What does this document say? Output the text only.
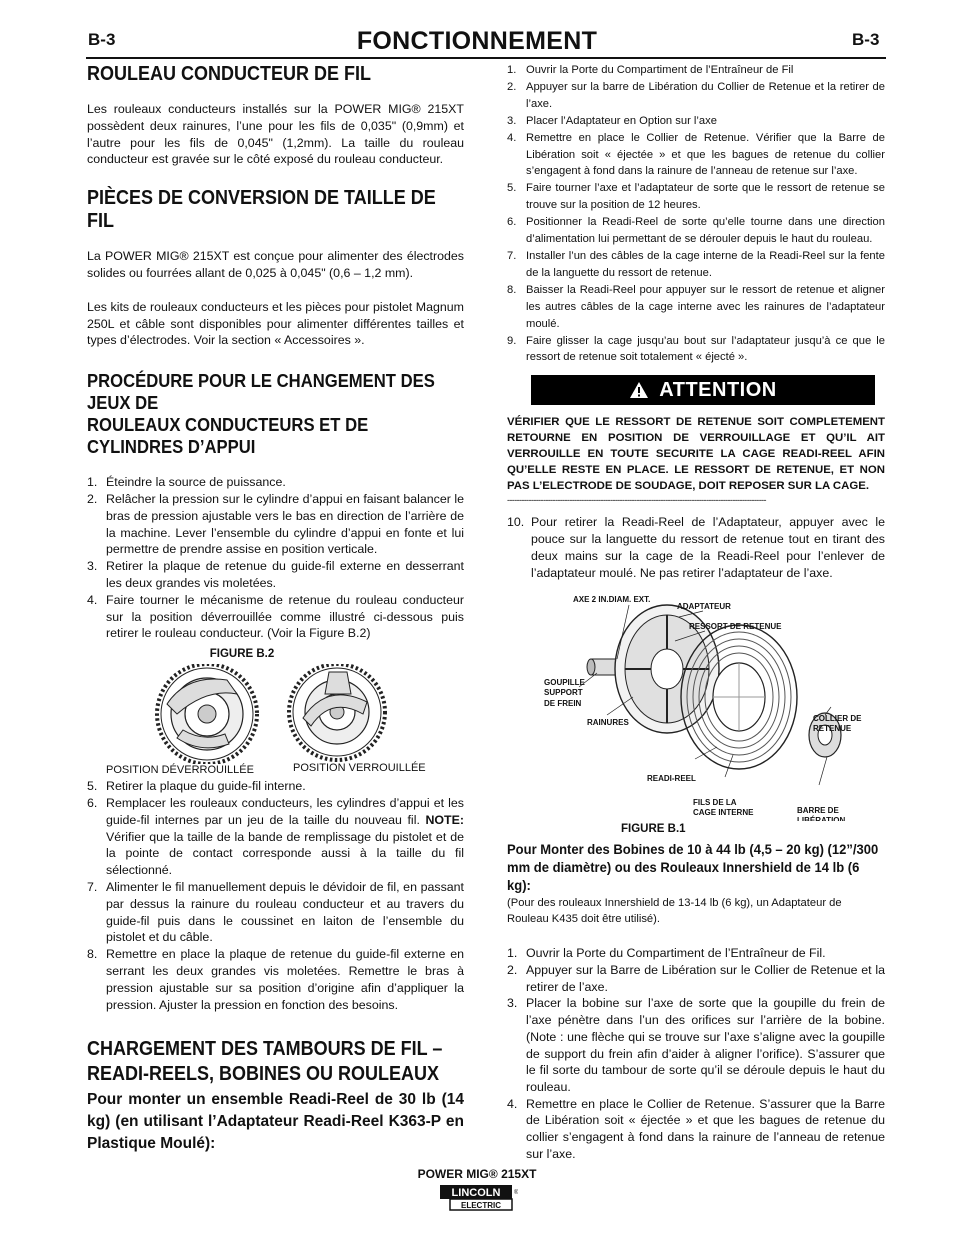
B-3	FONCTIONNEMENT	B-3
ROULEAU CONDUCTEUR DE FIL

Les rouleaux conducteurs installés sur la POWER MIG® 215XT possèdent deux rainures, l’une pour les fils de 0,035" (0,9mm) et l’autre pour les fils de 0,045" (1,2mm). La taille du rouleau conducteur est gravée sur le côté exposé du rouleau conducteur.

PIÈCES DE CONVERSION DE TAILLE DE FIL

La POWER MIG® 215XT est conçue pour alimenter des électrodes solides ou fourrées allant de 0,025 à 0,045" (0,6 – 1,2 mm).

Les kits de rouleaux conducteurs et les pièces pour pistolet Magnum 250L et câble sont disponibles pour alimenter différentes tailles et types d’électrodes. Voir la section « Accessoires ».

PROCÉDURE POUR LE CHANGEMENT DES JEUX DE
ROULEAUX CONDUCTEURS ET DE CYLINDRES D’APPUI
1. Éteindre la source de puissance.
2. Relâcher la pression sur le cylindre d’appui en faisant balancer le bras de pression ajustable vers le bas en direction de l’arrière de la machine. Lever l’ensemble du cylindre d’appui en fonte et lui permettre de prendre assise en position verticale.
3. Retirer la plaque de retenue du guide-fil externe en desserrant les deux grandes vis moletées.
4. Faire tourner le mécanisme de retenue du rouleau conducteur sur la position déverrouillée comme illustré ci-dessous puis retirer le rouleau conducteur. (Voir la Figure B.2)
FIGURE B.2
POSITION DÉVERROUILLÉE	POSITION VERROUILLÉE
5. Retirer la plaque du guide-fil interne.
6. Remplacer les rouleaux conducteurs, les cylindres d’appui et les guide-fil internes par un jeu de la taille du nouveau fil. NOTE: Vérifier que la taille de la bande de remplissage du pistolet et de la pointe de contact corresponde aussi à la taille du fil sélectionné.
7. Alimenter le fil manuellement depuis le dévidoir de fil, en passant par dessus la rainure du rouleau conducteur et au travers du guide-fil puis dans le coussinet en laiton de l’ensemble du pistolet et du câble.
8. Remettre en place la plaque de retenue du guide-fil externe en serrant les deux grandes vis moletées. Remettre le bras à pression ajustable sur sa position d’origine afin d’appliquer la pression. Ajuster la pression en fonction des besoins.
CHARGEMENT DES TAMBOURS DE FIL –
READI-REELS, BOBINES OU ROULEAUX
Pour monter un ensemble Readi-Reel de 30 lb (14 kg) (en utilisant l’Adaptateur Readi-Reel K363-P en Plastique Moulé):
1. Ouvrir la Porte du Compartiment de l’Entraîneur de Fil
2. Appuyer sur la barre de Libération du Collier de Retenue et la retirer de l’axe.
3. Placer l’Adaptateur en Option sur l’axe
4. Remettre en place le Collier de Retenue. Vérifier que la Barre de Libération soit « éjectée » et que les bagues de retenue du collier s’engagent à fond dans la rainure de l’anneau de retenue sur l’axe.
5. Faire tourner l’axe et l’adaptateur de sorte que le ressort de retenue se trouve sur la position de 12 heures.
6. Positionner la Readi-Reel de sorte qu’elle tourne dans une direction d’alimentation lui permettant de se dérouler depuis le haut du rouleau.
7. Installer l’un des câbles de la cage interne de la Readi-Reel sur la fente de la languette du ressort de retenue.
8. Baisser la Readi-Reel pour appuyer sur le ressort de retenue et aligner les autres câbles de la cage interne avec les rainures de l’adaptateur moulé.
9. Faire glisser la cage jusqu’au bout sur l’adaptateur jusqu’à ce que le ressort de retenue soit totalement « éjecté ».
ATTENTION
VÉRIFIER QUE LE RESSORT DE RETENUE SOIT COMPLETEMENT RETOURNE EN POSITION DE VERROUILLAGE ET QU’IL AIT VERROUILLE EN TOUTE SECURITE LA CAGE READI-REEL AFIN QU’ELLE RESTE EN PLACE. LE RESSORT DE RETENUE, ET NON PAS L’ELECTRODE DE SOUDAGE, DOIT REPOSER SUR LA CAGE.
------------------------------------------------------------------------------------------------------------
10. Pour retirer la Readi-Reel de l’Adaptateur, appuyer avec le pouce sur la languette du ressort de retenue tout en tirant des deux mains sur la cage de la Readi-Reel pour l’enlever de l’adaptateur moulé. Ne pas retirer l’adaptateur de l’axe.
AXE 2 IN.DIAM. EXT.
ADAPTATEUR
RESSORT DE RETENUE
GOUPILLE
SUPPORT
DE FREIN
RAINURES	COLLIER DE
RETENUE
READI-REEL
FILS DE LA
CAGE INTERNE	BARRE DE
LIBÉRATION
FIGURE B.1
Pour Monter des Bobines de 10 à 44 lb (4,5 – 20 kg) (12”/300 mm de diamètre) ou des Rouleaux Innershield de 14 lb (6 kg):

(Pour des rouleaux Innershield de 13-14 lb (6 kg), un Adaptateur de Rouleau K435 doit être utilisé).

1. Ouvrir la Porte du Compartiment de l’Entraîneur de Fil.
2. Appuyer sur la Barre de Libération sur le Collier de Retenue et la retirer de l’axe.
3. Placer la bobine sur l’axe de sorte que la goupille du frein de l’axe pénètre dans l’un des orifices sur l’arrière de la bobine. (Note : une flèche qui se trouve sur l’axe s’aligne avec la goupille de support du frein afin d’aider à aligner l’orifice). S’assurer que le fil sorte du tambour de sorte qu’il se déroule depuis le haut du rouleau.
4. Remettre en place le Collier de Retenue. S’assurer que la Barre de Libération soit « éjectée » et que les bagues de retenue du collier s’engagent à fond dans la rainure de l’anneau de retenue sur l’axe.
POWER MIG® 215XT
LINCOLN ®
ELECTRIC
